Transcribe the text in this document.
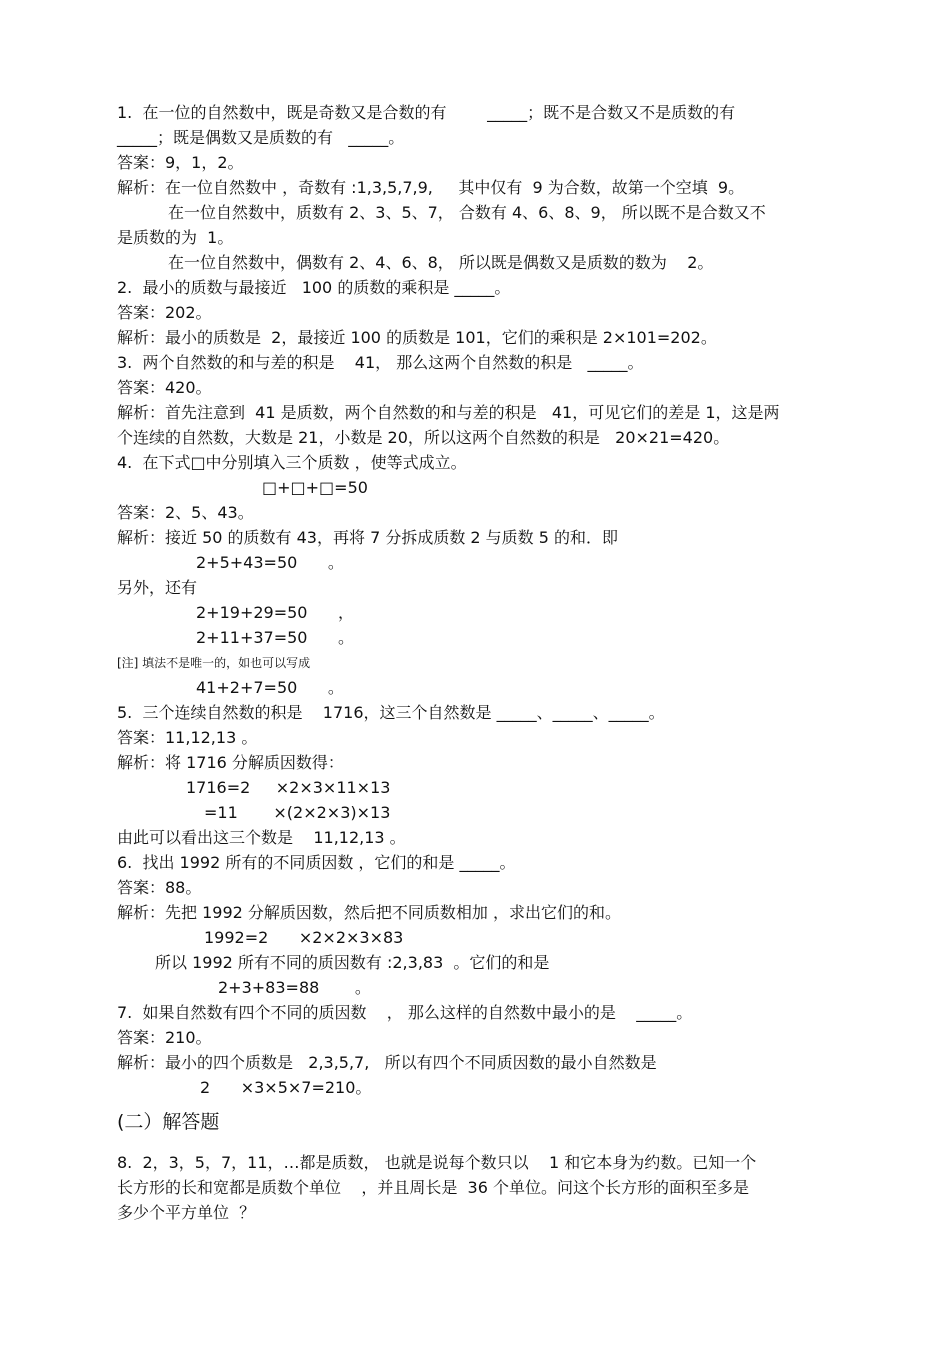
1.  在一位的自然数中，既是奇数又是合数的有        _____；既不是合数又不是质数的有
_____；既是偶数又是质数的有   _____。
答案：9，1，2。
解析：在一位自然数中 ，奇数有 :1,3,5,7,9,     其中仅有  9 为合数，故第一个空填  9。
在一位自然数中，质数有 2、3、5、7， 合数有 4、6、8、9， 所以既不是合数又不
是质数的为  1。
在一位自然数中，偶数有 2、4、6、8， 所以既是偶数又是质数的数为    2。
2.  最小的质数与最接近   100 的质数的乘积是 _____。
答案：202。
解析：最小的质数是  2，最接近 100 的质数是 101，它们的乘积是 2×101=202。
3.  两个自然数的和与差的积是    41， 那么这两个自然数的积是   _____。
答案：420。
解析：首先注意到  41 是质数，两个自然数的和与差的积是   41，可见它们的差是 1，这是两
个连续的自然数，大数是 21，小数是 20，所以这两个自然数的积是   20×21=420。
4.  在下式□中分别填入三个质数 ，使等式成立。
□+□+□=50
答案：2、5、43。
解析：接近 50 的质数有 43，再将 7 分拆成质数 2 与质数 5 的和．即
2+5+43=50      。
另外，还有
2+19+29=50      ，
2+11+37=50      。
[注] 填法不是唯一的，如也可以写成
41+2+7=50      。
5.  三个连续自然数的积是    1716，这三个自然数是 _____、_____、_____。
答案：11,12,13 。
解析：将 1716 分解质因数得：
1716=2     ×2×3×11×13
=11       ×(2×2×3)×13
由此可以看出这三个数是    11,12,13 。
6.  找出 1992 所有的不同质因数 ，它们的和是 _____。
答案：88。
解析：先把 1992 分解质因数，然后把不同质数相加 ，求出它们的和。
1992=2      ×2×2×3×83
所以 1992 所有不同的质因数有 :2,3,83  。它们的和是
2+3+83=88       。
7.  如果自然数有四个不同的质因数    ， 那么这样的自然数中最小的是    _____。
答案：210。
解析：最小的四个质数是   2,3,5,7,   所以有四个不同质因数的最小自然数是
2      ×3×5×7=210。
(二）解答题
8.  2，3，5，7，11，…都是质数， 也就是说每个数只以    1 和它本身为约数。已知一个
长方形的长和宽都是质数个单位    ，并且周长是  36 个单位。问这个长方形的面积至多是
多少个平方单位  ？
